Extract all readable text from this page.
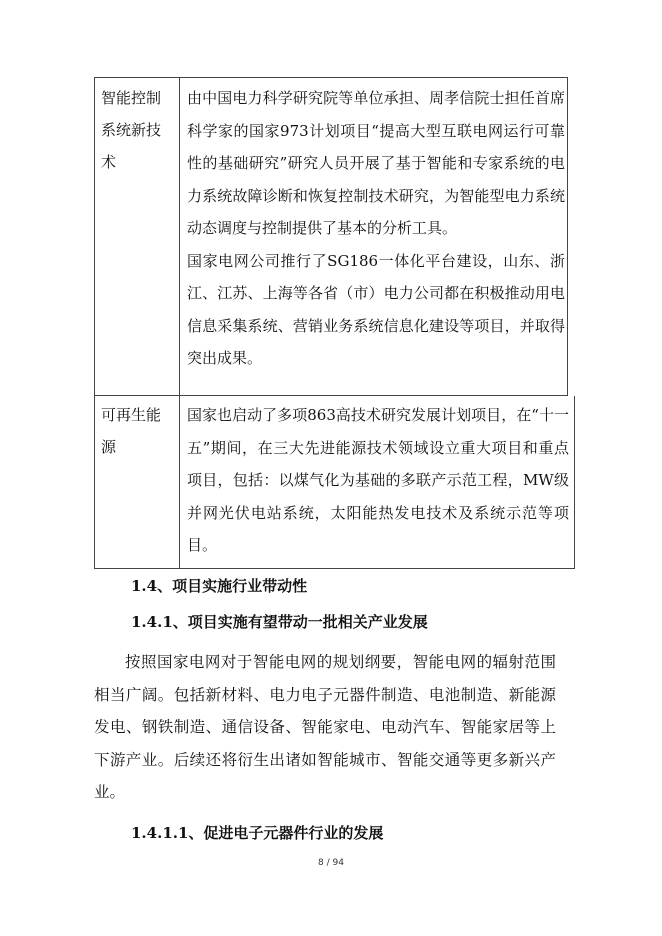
智能控制系统新技术

由中国电力科学研究院等单位承担、周孝信院士担任首席科学家的国家973计划项目“提高大型互联电网运行可靠性的基础研究”研究人员开展了基于智能和专家系统的电力系统故障诊断和恢复控制技术研究，为智能型电力系统动态调度与控制提供了基本的分析工具。

国家电网公司推行了SG186一体化平台建设，山东、浙江、江苏、上海等各省（市）电力公司都在积极推动用电信息采集系统、营销业务系统信息化建设等项目，并取得突出成果。

可再生能源

国家也启动了多项863高技术研究发展计划项目，在“十一五”期间，在三大先进能源技术领域设立重大项目和重点项目，包括：以煤气化为基础的多联产示范工程，MW级并网光伏电站系统，太阳能热发电技术及系统示范等项目。

1.4、项目实施行业带动性
1.4.1、项目实施有望带动一批相关产业发展

按照国家电网对于智能电网的规划纲要，智能电网的辐射范围相当广阔。包括新材料、电力电子元器件制造、电池制造、新能源发电、钢铁制造、通信设备、智能家电、电动汽车、智能家居等上下游产业。后续还将衍生出诸如智能城市、智能交通等更多新兴产业。

1.4.1.1、促进电子元器件行业的发展
8 / 94
